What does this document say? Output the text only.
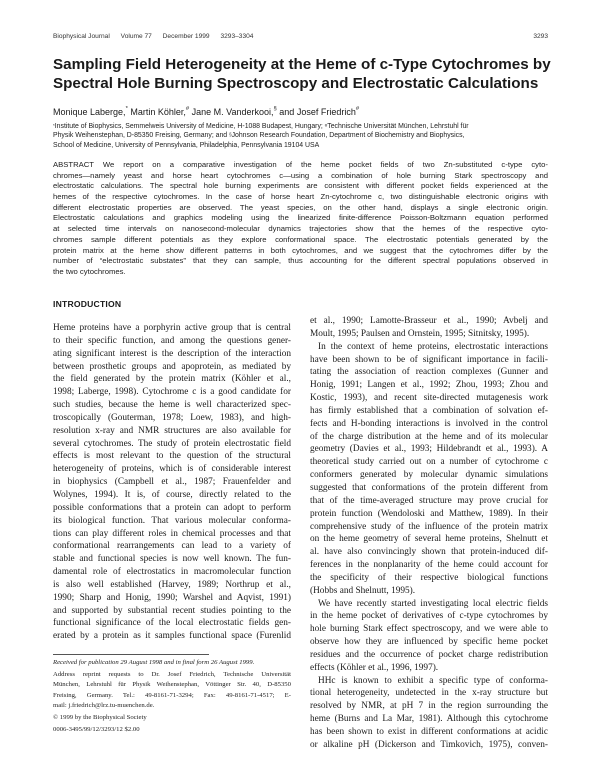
Biophysical Journal Volume 77 December 1999 3293–3304	3293
Sampling Field Heterogeneity at the Heme of c-Type Cytochromes by
Spectral Hole Burning Spectroscopy and Electrostatic Calculations
Monique Laberge,* Martin Köhler,# Jane M. Vanderkooi,§ and Josef Friedrich#
*Institute of Biophysics, Semmelweis University of Medicine, H-1088 Budapest, Hungary; #Technische Universität München, Lehrstuhl für
Physik Weihenstephan, D-85350 Freising, Germany; and §Johnson Research Foundation, Department of Biochemistry and Biophysics,
School of Medicine, University of Pennsylvania, Philadelphia, Pennsylvania 19104 USA
ABSTRACT We report on a comparative investigation of the heme pocket fields of two Zn-substituted c-type cyto-
chromes—namely yeast and horse heart cytochromes c—using a combination of hole burning Stark spectroscopy and
electrostatic calculations. The spectral hole burning experiments are consistent with different pocket fields experienced at the
hemes of the respective cytochromes. In the case of horse heart Zn-cytochrome c, two distinguishable electronic origins with
different electrostatic properties are observed. The yeast species, on the other hand, displays a single electronic origin.
Electrostatic calculations and graphics modeling using the linearized finite-difference Poisson-Boltzmann equation performed
at selected time intervals on nanosecond-molecular dynamics trajectories show that the hemes of the respective cyto-
chromes sample different potentials as they explore conformational space. The electrostatic potentials generated by the
protein matrix at the heme show different patterns in both cytochromes, and we suggest that the cytochromes differ by the
number of “electrostatic substates” that they can sample, thus accounting for the different spectral populations observed in
the two cytochromes.
INTRODUCTION
Heme proteins have a porphyrin active group that is central
to their specific function, and among the questions gener-
ating significant interest is the description of the interaction
between prosthetic groups and apoprotein, as mediated by
the field generated by the protein matrix (Köhler et al.,
1998; Laberge, 1998). Cytochrome c is a good candidate for
such studies, because the heme is well characterized spec-
troscopically (Gouterman, 1978; Loew, 1983), and high-
resolution x-ray and NMR structures are also available for
several cytochromes. The study of protein electrostatic field
effects is most relevant to the question of the structural
heterogeneity of proteins, which is of considerable interest
in biophysics (Campbell et al., 1987; Frauenfelder and
Wolynes, 1994). It is, of course, directly related to the
possible conformations that a protein can adopt to perform
its biological function. That various molecular conforma-
tions can play different roles in chemical processes and that
conformational rearrangements can lead to a variety of
stable and functional species is now well known. The fun-
damental role of electrostatics in macromolecular function
is also well established (Harvey, 1989; Northrup et al.,
1990; Sharp and Honig, 1990; Warshel and Aqvist, 1991)
and supported by substantial recent studies pointing to the
functional significance of the local electrostatic fields gen-
erated by a protein as it samples functional space (Furenlid
et al., 1990; Lamotte-Brasseur et al., 1990; Avbelj and
Moult, 1995; Paulsen and Ornstein, 1995; Sitnitsky, 1995).
In the context of heme proteins, electrostatic interactions
have been shown to be of significant importance in facili-
tating the association of reaction complexes (Gunner and
Honig, 1991; Langen et al., 1992; Zhou, 1993; Zhou and
Kostic, 1993), and recent site-directed mutagenesis work
has firmly established that a combination of solvation ef-
fects and H-bonding interactions is involved in the control
of the charge distribution at the heme and of its molecular
geometry (Davies et al., 1993; Hildebrandt et al., 1993). A
theoretical study carried out on a number of cytochrome c
conformers generated by molecular dynamic simulations
suggested that conformations of the protein different from
that of the time-averaged structure may prove crucial for
protein function (Wendoloski and Matthew, 1989). In their
comprehensive study of the influence of the protein matrix
on the heme geometry of several heme proteins, Shelnutt et
al. have also convincingly shown that protein-induced dif-
ferences in the nonplanarity of the heme could account for
the specificity of their respective biological functions
(Hobbs and Shelnutt, 1995).
We have recently started investigating local electric fields
in the heme pocket of derivatives of c-type cytochromes by
hole burning Stark effect spectroscopy, and we were able to
observe how they are influenced by specific heme pocket
residues and the occurrence of pocket charge redistribution
effects (Köhler et al., 1996, 1997).
HHc is known to exhibit a specific type of conforma-
tional heterogeneity, undetected in the x-ray structure but
resolved by NMR, at pH 7 in the region surrounding the
heme (Burns and La Mar, 1981). Although this cytochrome
has been shown to exist in different conformations at acidic
or alkaline pH (Dickerson and Timkovich, 1975), conven-
Received for publication 29 August 1998 and in final form 26 August 1999.
Address reprint requests to Dr. Josef Friedrich, Technische Universität
München, Lehrstuhl für Physik Weihenstephan, Vöttinger Str. 40, D-85350
Freising, Germany. Tel.: 49-8161-71-3294; Fax: 49-8161-71-4517; E-
mail: j.friedrich@lrz.tu-muenchen.de.
© 1999 by the Biophysical Society
0006-3495/99/12/3293/12 $2.00
